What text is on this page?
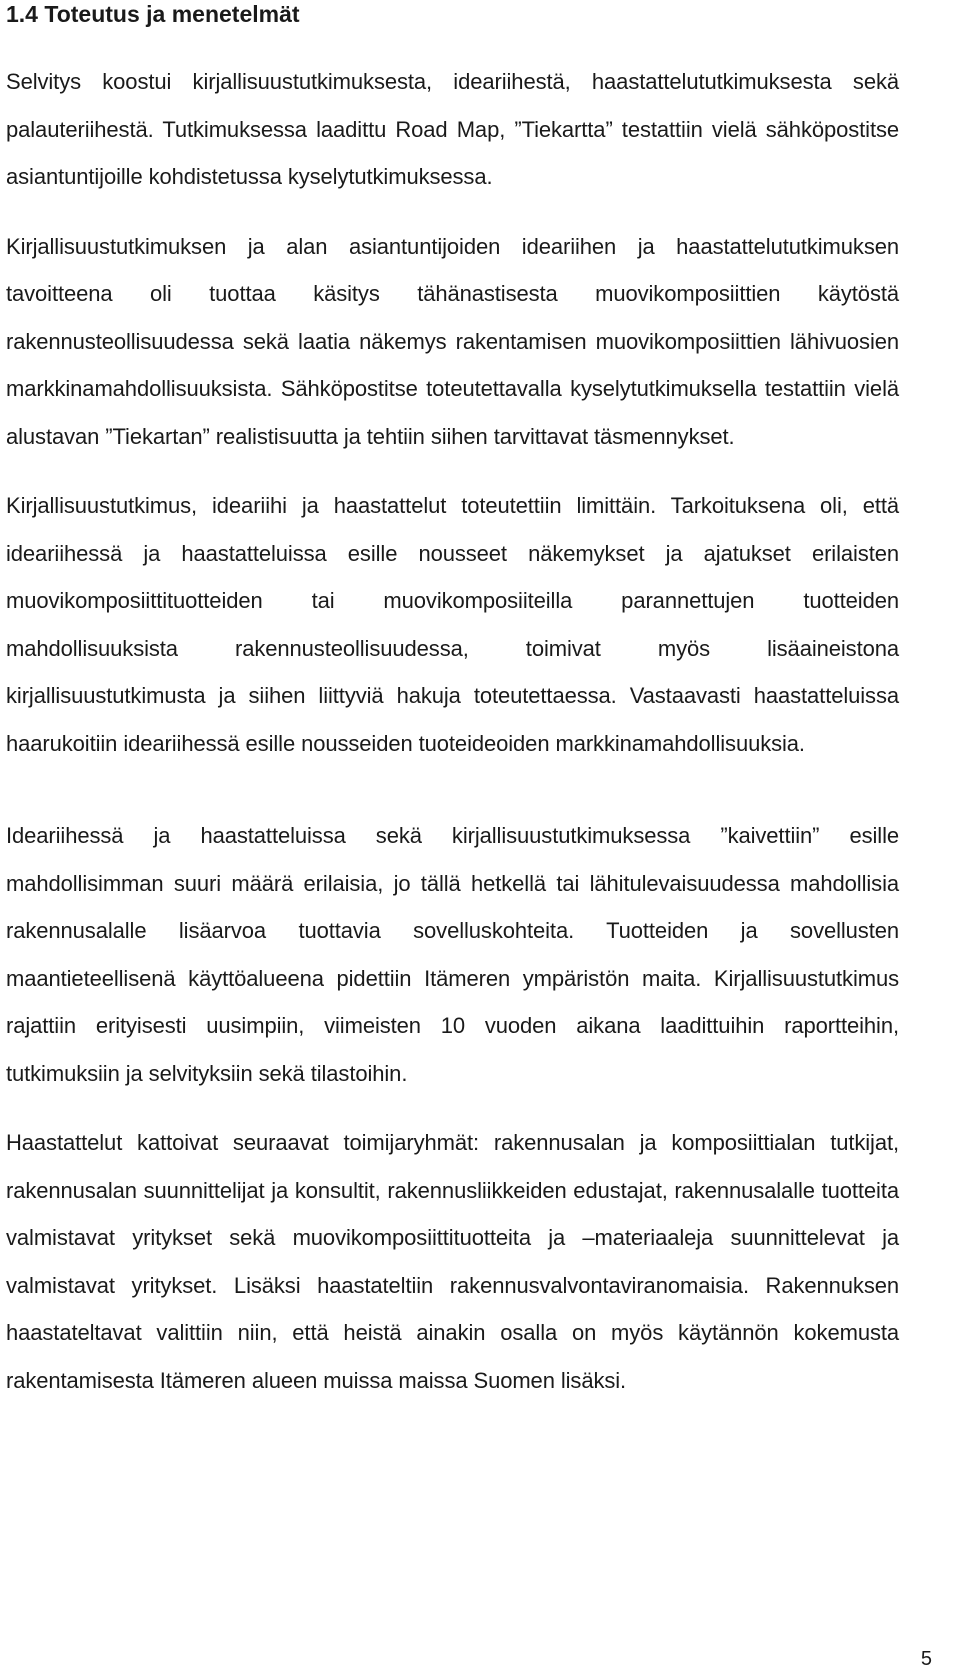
1.4 Toteutus ja menetelmät

Selvitys koostui kirjallisuustutkimuksesta, ideariihestä, haastattelututkimuksesta sekä palauteriihestä. Tutkimuksessa laadittu Road Map, ”Tiekartta” testattiin vielä sähköpostitse asiantuntijoille kohdistetussa kyselytutkimuksessa.

Kirjallisuustutkimuksen ja alan asiantuntijoiden ideariihen ja haastattelututkimuksen tavoitteena oli tuottaa käsitys tähänastisesta muovikomposiittien käytöstä rakennusteollisuudessa sekä laatia näkemys rakentamisen muovikomposiittien lähivuosien markkinamahdollisuuksista. Sähköpostitse toteutettavalla kyselytutkimuksella testattiin vielä alustavan ”Tiekartan” realistisuutta ja tehtiin siihen tarvittavat täsmennykset.

Kirjallisuustutkimus, ideariihi ja haastattelut toteutettiin limittäin. Tarkoituksena oli, että ideariihessä ja haastatteluissa esille nousseet näkemykset ja ajatukset erilaisten muovikomposiittituotteiden tai muovikomposiiteilla parannettujen tuotteiden mahdollisuuksista rakennusteollisuudessa, toimivat myös lisäaineistona kirjallisuustutkimusta ja siihen liittyviä hakuja toteutettaessa. Vastaavasti haastatteluissa haarukoitiin ideariihessä esille nousseiden tuoteideoiden markkinamahdollisuuksia.

Ideariihessä ja haastatteluissa sekä kirjallisuustutkimuksessa ”kaivettiin” esille mahdollisimman suuri määrä erilaisia, jo tällä hetkellä tai lähitulevaisuudessa mahdollisia rakennusalalle lisäarvoa tuottavia sovelluskohteita. Tuotteiden ja sovellusten maantieteellisenä käyttöalueena pidettiin Itämeren ympäristön maita. Kirjallisuustutkimus rajattiin erityisesti uusimpiin, viimeisten 10 vuoden aikana laadittuihin raportteihin, tutkimuksiin ja selvityksiin sekä tilastoihin.

Haastattelut kattoivat seuraavat toimijaryhmät: rakennusalan ja komposiittialan tutkijat, rakennusalan suunnittelijat ja konsultit, rakennusliikkeiden edustajat, rakennusalalle tuotteita valmistavat yritykset sekä muovikomposiittituotteita ja –materiaaleja suunnittelevat ja valmistavat yritykset. Lisäksi haastateltiin rakennusvalvontaviranomaisia. Rakennuksen haastateltavat valittiin niin, että heistä ainakin osalla on myös käytännön kokemusta rakentamisesta Itämeren alueen muissa maissa Suomen lisäksi.

5
